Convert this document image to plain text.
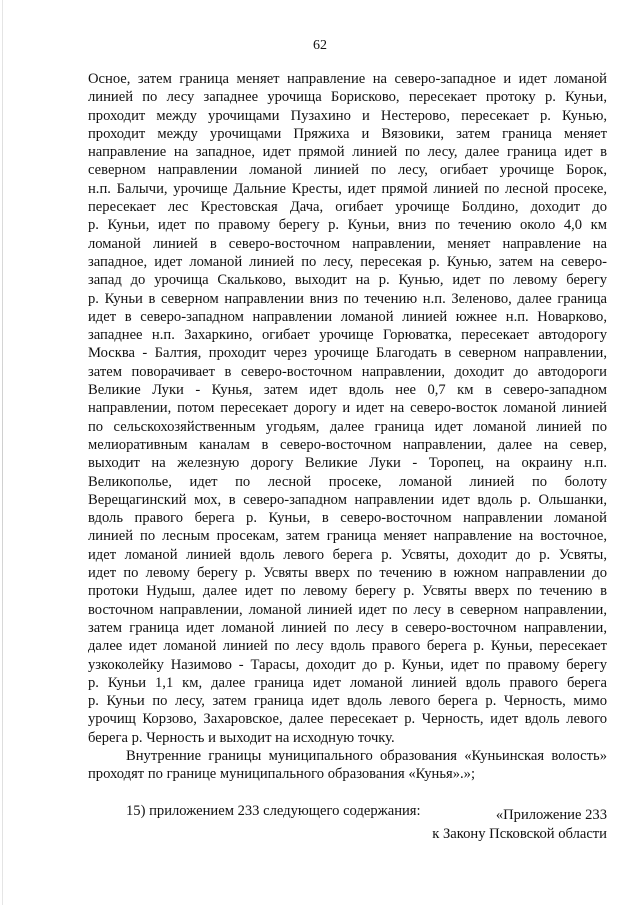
62
Осное, затем граница меняет направление на северо-западное и идет ломаной
линией по лесу западнее урочища Борисково, пересекает протоку р. Куньи,
проходит между урочищами Пузахино и Нестерово, пересекает р. Кунью,
проходит между урочищами Пряжиха и Вязовики, затем граница меняет
направление на западное, идет прямой линией по лесу, далее граница идет в
северном направлении ломаной линией по лесу, огибает урочище Борок,
н.п. Балычи, урочище Дальние Кресты, идет прямой линией по лесной просеке,
пересекает лес Крестовская Дача, огибает урочище Болдино, доходит до
р. Куньи, идет по правому берегу р. Куньи, вниз по течению около 4,0 км
ломаной линией в северо-восточном направлении, меняет направление на
западное, идет ломаной линией по лесу, пересекая р. Кунью, затем на северо-
запад до урочища Скальково, выходит на р. Кунью, идет по левому берегу
р. Куньи в северном направлении вниз по течению н.п. Зеленово, далее граница
идет в северо-западном направлении ломаной линией южнее н.п. Новарково,
западнее н.п. Захаркино, огибает урочище Горюватка, пересекает автодорогу
Москва - Балтия, проходит через урочище Благодать в северном направлении,
затем поворачивает в северо-восточном направлении, доходит до автодороги
Великие Луки - Кунья, затем идет вдоль нее 0,7 км в северо-западном
направлении, потом пересекает дорогу и идет на северо-восток ломаной линией
по сельскохозяйственным угодьям, далее граница идет ломаной линией по
мелиоративным каналам в северо-восточном направлении, далее на север,
выходит на железную дорогу Великие Луки - Торопец, на окраину н.п.
Великополье, идет по лесной просеке, ломаной линией по болоту
Верещагинский мох, в северо-западном направлении идет вдоль р. Ольшанки,
вдоль правого берега р. Куньи, в северо-восточном направлении ломаной
линией по лесным просекам, затем граница меняет направление на восточное,
идет ломаной линией вдоль левого берега р. Усвяты, доходит до р. Усвяты,
идет по левому берегу р. Усвяты вверх по течению в южном направлении до
протоки Нудыш, далее идет по левому берегу р. Усвяты вверх по течению в
восточном направлении, ломаной линией идет по лесу в северном направлении,
затем граница идет ломаной линией по лесу в северо-восточном направлении,
далее идет ломаной линией по лесу вдоль правого берега р. Куньи, пересекает
узкоколейку Назимово - Тарасы, доходит до р. Куньи, идет по правому берегу
р. Куньи 1,1 км, далее граница идет ломаной линией вдоль правого берега
р. Куньи по лесу, затем граница идет вдоль левого берега р. Черность, мимо
урочищ Корзово, Захаровское, далее пересекает р. Черность, идет вдоль левого
берега р. Черность и выходит на исходную точку.
Внутренние границы муниципального образования «Куньинская волость»
проходят по границе муниципального образования «Кунья».»;
15) приложением 233 следующего содержания:	«Приложение 233
к Закону Псковской области
